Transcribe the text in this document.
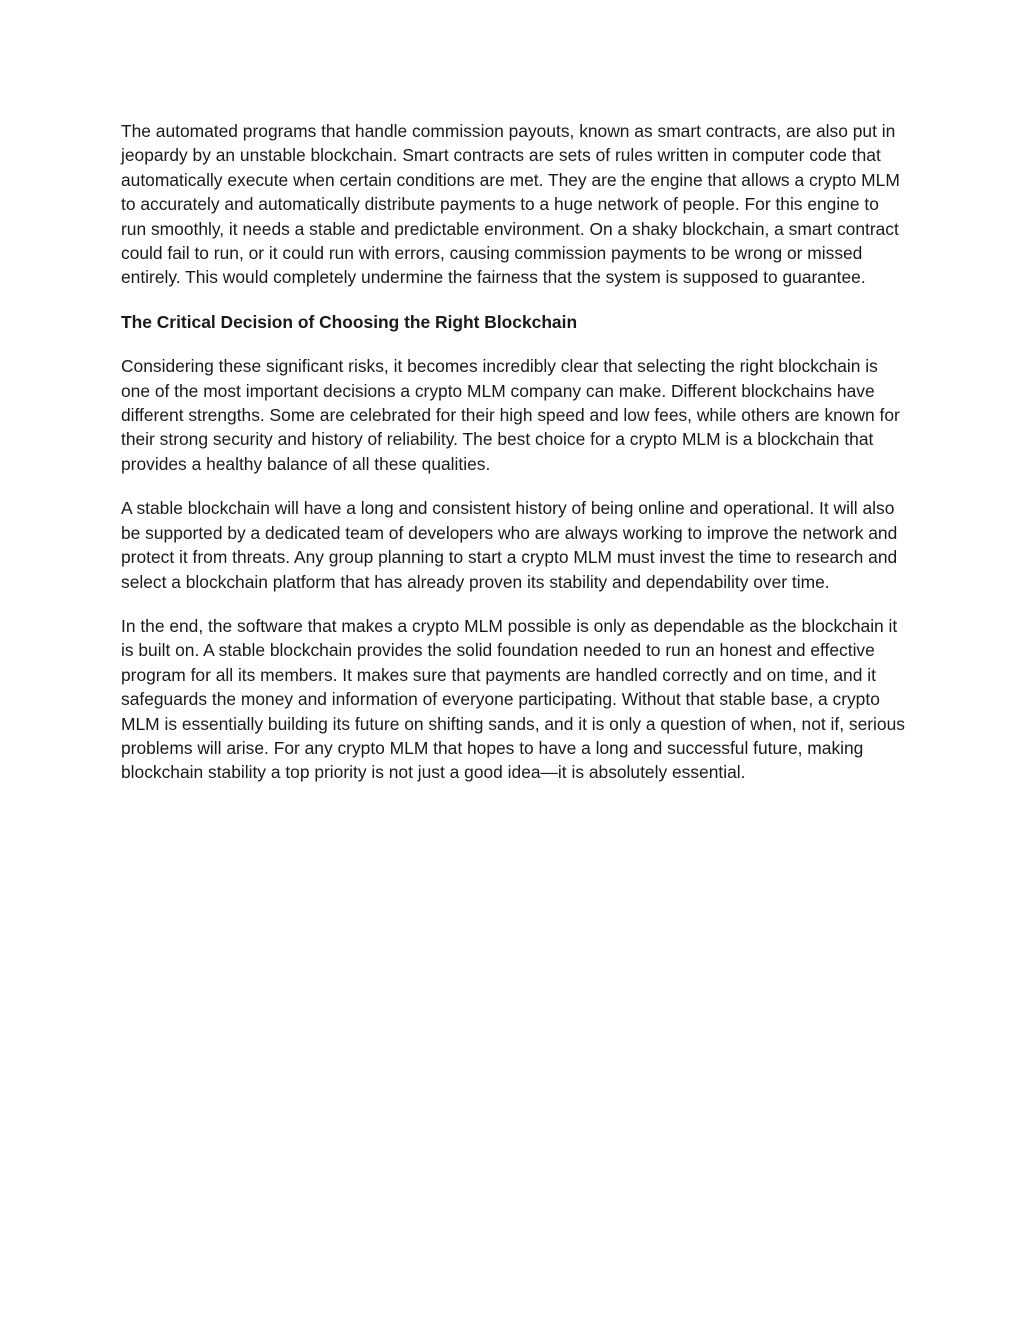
The automated programs that handle commission payouts, known as smart contracts, are also put in jeopardy by an unstable blockchain. Smart contracts are sets of rules written in computer code that automatically execute when certain conditions are met. They are the engine that allows a crypto MLM to accurately and automatically distribute payments to a huge network of people. For this engine to run smoothly, it needs a stable and predictable environment. On a shaky blockchain, a smart contract could fail to run, or it could run with errors, causing commission payments to be wrong or missed entirely. This would completely undermine the fairness that the system is supposed to guarantee.

The Critical Decision of Choosing the Right Blockchain

Considering these significant risks, it becomes incredibly clear that selecting the right blockchain is one of the most important decisions a crypto MLM company can make. Different blockchains have different strengths. Some are celebrated for their high speed and low fees, while others are known for their strong security and history of reliability. The best choice for a crypto MLM is a blockchain that provides a healthy balance of all these qualities.

A stable blockchain will have a long and consistent history of being online and operational. It will also be supported by a dedicated team of developers who are always working to improve the network and protect it from threats. Any group planning to start a crypto MLM must invest the time to research and select a blockchain platform that has already proven its stability and dependability over time.

In the end, the software that makes a crypto MLM possible is only as dependable as the blockchain it is built on. A stable blockchain provides the solid foundation needed to run an honest and effective program for all its members. It makes sure that payments are handled correctly and on time, and it safeguards the money and information of everyone participating. Without that stable base, a crypto MLM is essentially building its future on shifting sands, and it is only a question of when, not if, serious problems will arise. For any crypto MLM that hopes to have a long and successful future, making blockchain stability a top priority is not just a good idea—it is absolutely essential.
